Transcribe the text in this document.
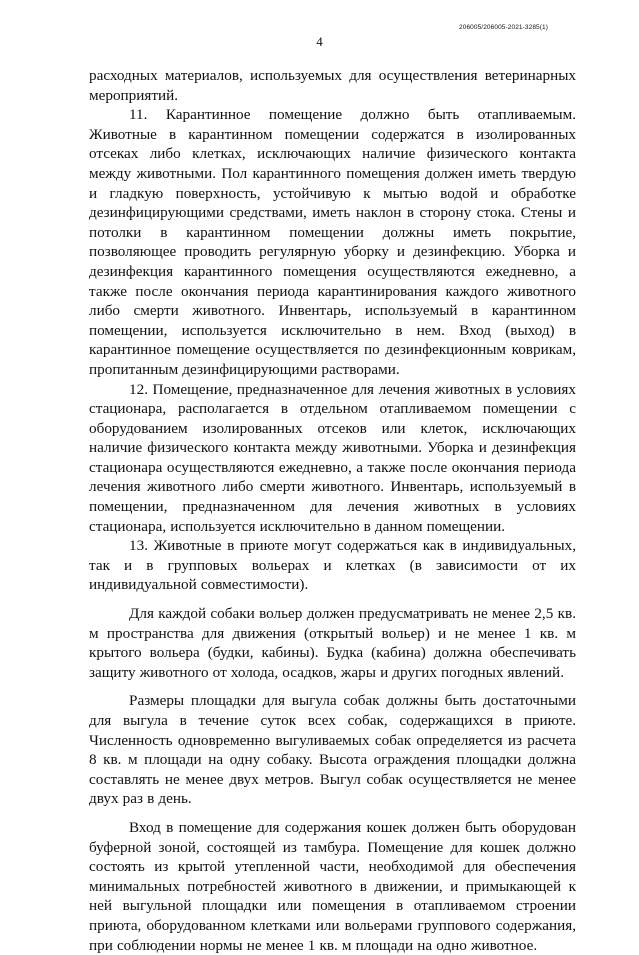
4
206005/206005-2021-3285(1)

расходных материалов, используемых для осуществления ветеринарных мероприятий.

11. Карантинное помещение должно быть отапливаемым. Животные в карантинном помещении содержатся в изолированных отсеках либо клетках, исключающих наличие физического контакта между животными. Пол карантинного помещения должен иметь твердую и гладкую поверхность, устойчивую к мытью водой и обработке дезинфицирующими средствами, иметь наклон в сторону стока. Стены и потолки в карантинном помещении должны иметь покрытие, позволяющее проводить регулярную уборку и дезинфекцию. Уборка и дезинфекция карантинного помещения осуществляются ежедневно, а также после окончания периода карантинирования каждого животного либо смерти животного. Инвентарь, используемый в карантинном помещении, используется исключительно в нем. Вход (выход) в карантинное помещение осуществляется по дезинфекционным коврикам, пропитанным дезинфицирующими растворами.

12. Помещение, предназначенное для лечения животных в условиях стационара, располагается в отдельном отапливаемом помещении с оборудованием изолированных отсеков или клеток, исключающих наличие физического контакта между животными. Уборка и дезинфекция стационара осуществляются ежедневно, а также после окончания периода лечения животного либо смерти животного. Инвентарь, используемый в помещении, предназначенном для лечения животных в условиях стационара, используется исключительно в данном помещении.

13. Животные в приюте могут содержаться как в индивидуальных, так и в групповых вольерах и клетках (в зависимости от их индивидуальной совместимости).

Для каждой собаки вольер должен предусматривать не менее 2,5 кв. м пространства для движения (открытый вольер) и не менее 1 кв. м крытого вольера (будки, кабины). Будка (кабина) должна обеспечивать защиту животного от холода, осадков, жары и других погодных явлений.

Размеры площадки для выгула собак должны быть достаточными для выгула в течение суток всех собак, содержащихся в приюте. Численность одновременно выгуливаемых собак определяется из расчета 8 кв. м площади на одну собаку. Высота ограждения площадки должна составлять не менее двух метров. Выгул собак осуществляется не менее двух раз в день.

Вход в помещение для содержания кошек должен быть оборудован буферной зоной, состоящей из тамбура. Помещение для кошек должно состоять из крытой утепленной части, необходимой для обеспечения минимальных потребностей животного в движении, и примыкающей к ней выгульной площадки или помещения в отапливаемом строении приюта, оборудованном клетками или вольерами группового содержания, при соблюдении нормы не менее 1 кв. м площади на одно животное.
